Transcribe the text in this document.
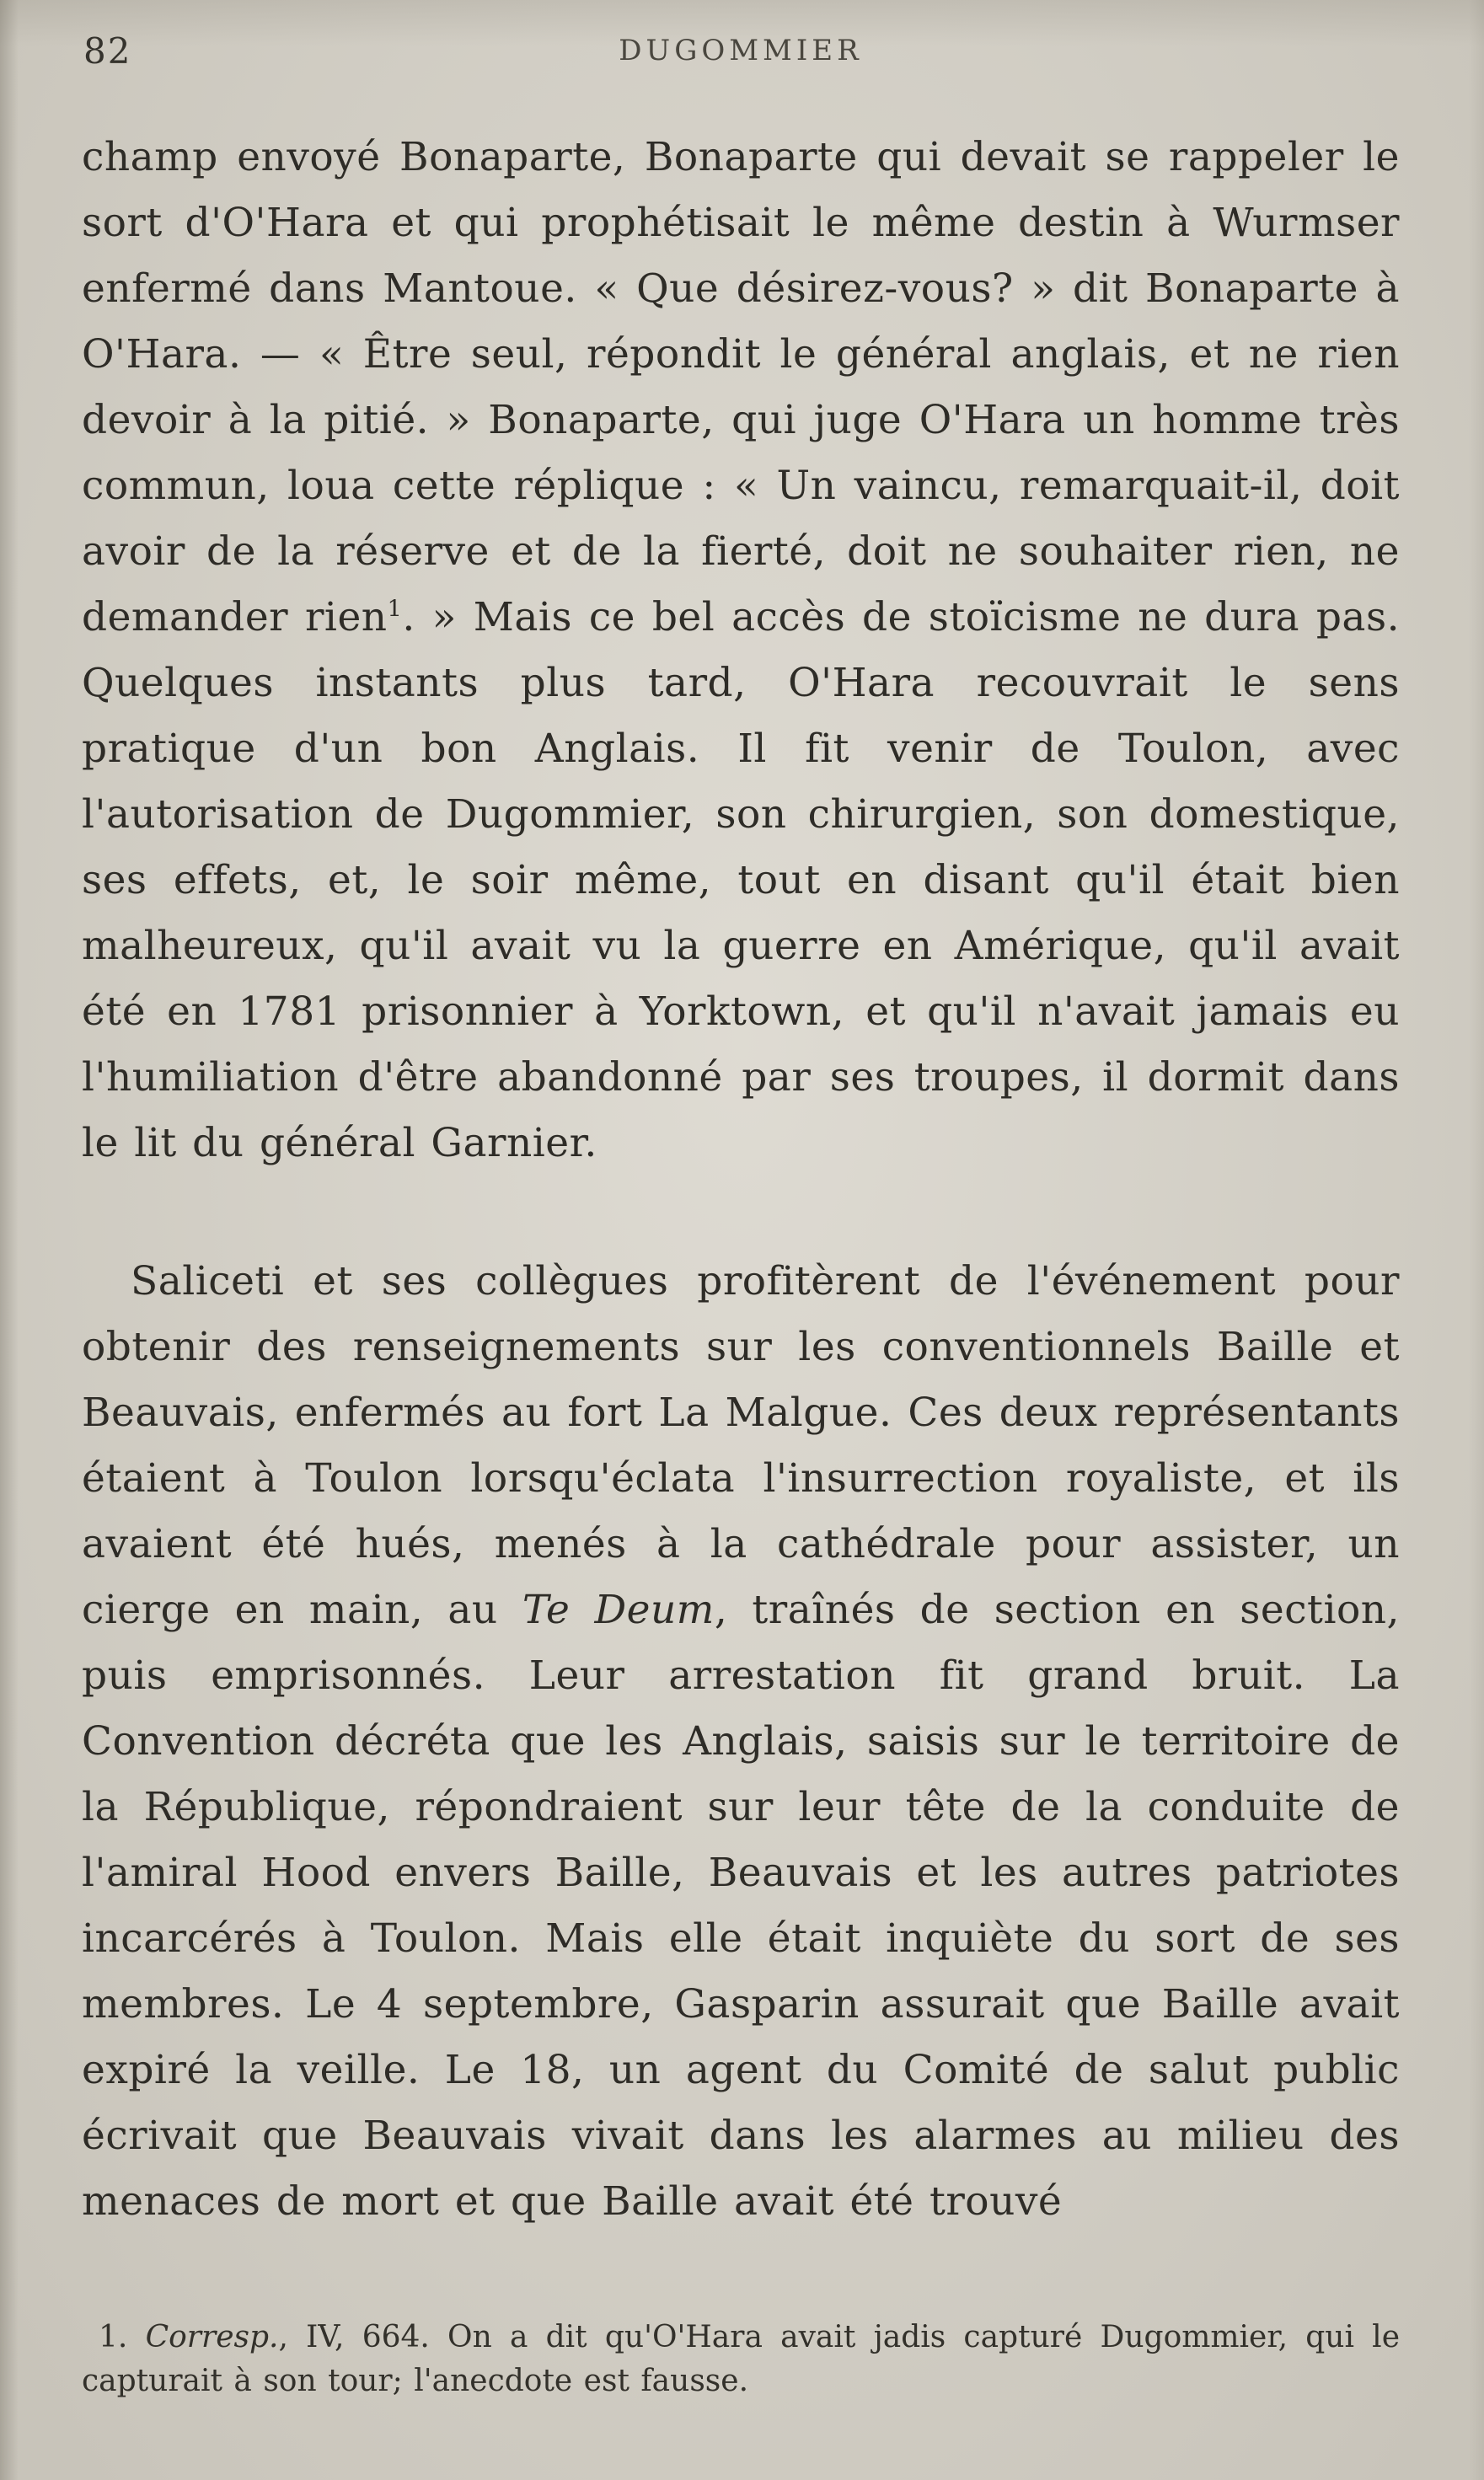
82	DUGOMMIER

champ envoyé Bonaparte, Bonaparte qui devait se rappeler le sort d'O'Hara et qui prophétisait le même destin à Wurmser enfermé dans Mantoue. « Que désirez-vous? » dit Bonaparte à O'Hara. — « Être seul, répondit le général anglais, et ne rien devoir à la pitié. » Bonaparte, qui juge O'Hara un homme très commun, loua cette réplique : « Un vaincu, remarquait-il, doit avoir de la réserve et de la fierté, doit ne souhaiter rien, ne demander rien$^1$. » Mais ce bel accès de stoïcisme ne dura pas. Quelques instants plus tard, O'Hara recouvrait le sens pratique d'un bon Anglais. Il fit venir de Toulon, avec l'autorisation de Dugommier, son chirurgien, son domestique, ses effets, et, le soir même, tout en disant qu'il était bien malheureux, qu'il avait vu la guerre en Amérique, qu'il avait été en 1781 prisonnier à Yorktown, et qu'il n'avait jamais eu l'humiliation d'être abandonné par ses troupes, il dormit dans le lit du général Garnier.

Saliceti et ses collègues profitèrent de l'événement pour obtenir des renseignements sur les conventionnels Baille et Beauvais, enfermés au fort La Malgue. Ces deux représentants étaient à Toulon lorsqu'éclata l'insurrection royaliste, et ils avaient été hués, menés à la cathédrale pour assister, un cierge en main, au Te Deum, traînés de section en section, puis emprisonnés. Leur arrestation fit grand bruit. La Convention décréta que les Anglais, saisis sur le territoire de la République, répondraient sur leur tête de la conduite de l'amiral Hood envers Baille, Beauvais et les autres patriotes incarcérés à Toulon. Mais elle était inquiète du sort de ses membres. Le 4 septembre, Gasparin assurait que Baille avait expiré la veille. Le 18, un agent du Comité de salut public écrivait que Beauvais vivait dans les alarmes au milieu des menaces de mort et que Baille avait été trouvé

1. Corresp., IV, 664. On a dit qu'O'Hara avait jadis capturé Dugommier, qui le capturait à son tour; l'anecdote est fausse.
